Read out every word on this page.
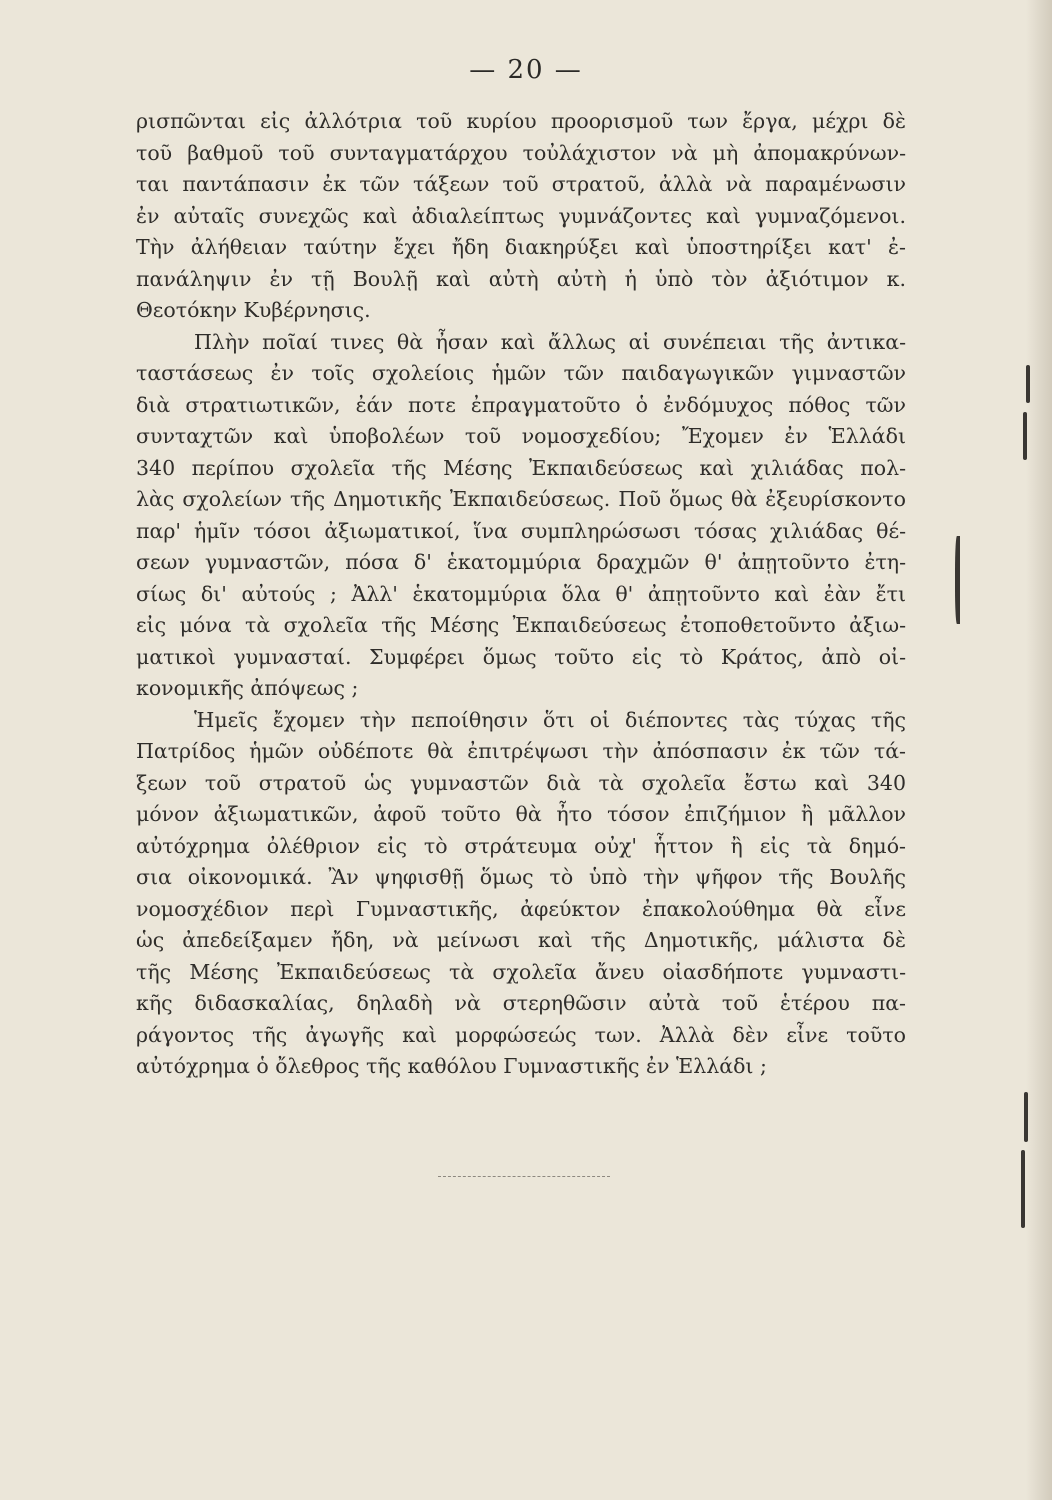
— 20 —
ρισπῶνται εἰς ἀλλότρια τοῦ κυρίου προορισμοῦ των ἔργα, μέχρι δὲ
τοῦ βαθμοῦ τοῦ συνταγματάρχου τοὐλάχιστον νὰ μὴ ἀπομακρύνων-
ται παντάπασιν ἐκ τῶν τάξεων τοῦ στρατοῦ, ἀλλὰ νὰ παραμένωσιν
ἐν αὐταῖς συνεχῶς καὶ ἀδιαλείπτως γυμνάζοντες καὶ γυμναζόμενοι.
Τὴν ἀλήθειαν ταύτην ἔχει ἤδη διακηρύξει καὶ ὑποστηρίξει κατ' ἐ-
πανάληψιν ἐν τῇ Βουλῇ καὶ αὐτὴ αὐτὴ ἡ ὑπὸ τὸν ἀξιότιμον κ.
Θεοτόκην Κυβέρνησις.
Πλὴν ποῖαί τινες θὰ ἦσαν καὶ ἄλλως αἱ συνέπειαι τῆς ἀντικα-
ταστάσεως ἐν τοῖς σχολείοις ἡμῶν τῶν παιδαγωγικῶν γιμναστῶν
διὰ στρατιωτικῶν, ἐάν ποτε ἐπραγματοῦτο ὁ ἐνδόμυχος πόθος τῶν
συνταχτῶν καὶ ὑποβολέων τοῦ νομοσχεδίου; Ἔχομεν ἐν Ἑλλάδι
340 περίπου σχολεῖα τῆς Μέσης Ἐκπαιδεύσεως καὶ χιλιάδας πολ-
λὰς σχολείων τῆς Δημοτικῆς Ἐκπαιδεύσεως. Ποῦ ὅμως θὰ ἐξευρίσκοντο
παρ' ἡμῖν τόσοι ἀξιωματικοί, ἵνα συμπληρώσωσι τόσας χιλιάδας θέ-
σεων γυμναστῶν, πόσα δ' ἑκατομμύρια δραχμῶν θ' ἀπῃτοῦντο ἐτη-
σίως δι' αὐτούς ; Ἀλλ' ἑκατομμύρια ὅλα θ' ἀπῃτοῦντο καὶ ἐὰν ἔτι
εἰς μόνα τὰ σχολεῖα τῆς Μέσης Ἐκπαιδεύσεως ἐτοποθετοῦντο ἀξιω-
ματικοὶ γυμνασταί. Συμφέρει ὅμως τοῦτο εἰς τὸ Κράτος, ἀπὸ οἰ-
κονομικῆς ἀπόψεως ;
Ἡμεῖς ἔχομεν τὴν πεποίθησιν ὅτι οἱ διέποντες τὰς τύχας τῆς
Πατρίδος ἡμῶν οὐδέποτε θὰ ἐπιτρέψωσι τὴν ἀπόσπασιν ἐκ τῶν τά-
ξεων τοῦ στρατοῦ ὡς γυμναστῶν διὰ τὰ σχολεῖα ἔστω καὶ 340
μόνον ἀξιωματικῶν, ἀφοῦ τοῦτο θὰ ἦτο τόσον ἐπιζήμιον ἢ μᾶλλον
αὐτόχρημα ὀλέθριον εἰς τὸ στράτευμα οὐχ' ἧττον ἢ εἰς τὰ δημό-
σια οἰκονομικά. Ἂν ψηφισθῇ ὅμως τὸ ὑπὸ τὴν ψῆφον τῆς Βουλῆς
νομοσχέδιον περὶ Γυμναστικῆς, ἀφεύκτον ἐπακολούθημα θὰ εἶνε
ὡς ἀπεδείξαμεν ἤδη, νὰ μείνωσι καὶ τῆς Δημοτικῆς, μάλιστα δὲ
τῆς Μέσης Ἐκπαιδεύσεως τὰ σχολεῖα ἄνευ οἰασδήποτε γυμναστι-
κῆς διδασκαλίας, δηλαδὴ νὰ στερηθῶσιν αὐτὰ τοῦ ἑτέρου πα-
ράγοντος τῆς ἀγωγῆς καὶ μορφώσεώς των. Ἀλλὰ δὲν εἶνε τοῦτο
αὐτόχρημα ὁ ὄλεθρος τῆς καθόλου Γυμναστικῆς ἐν Ἑλλάδι ;
